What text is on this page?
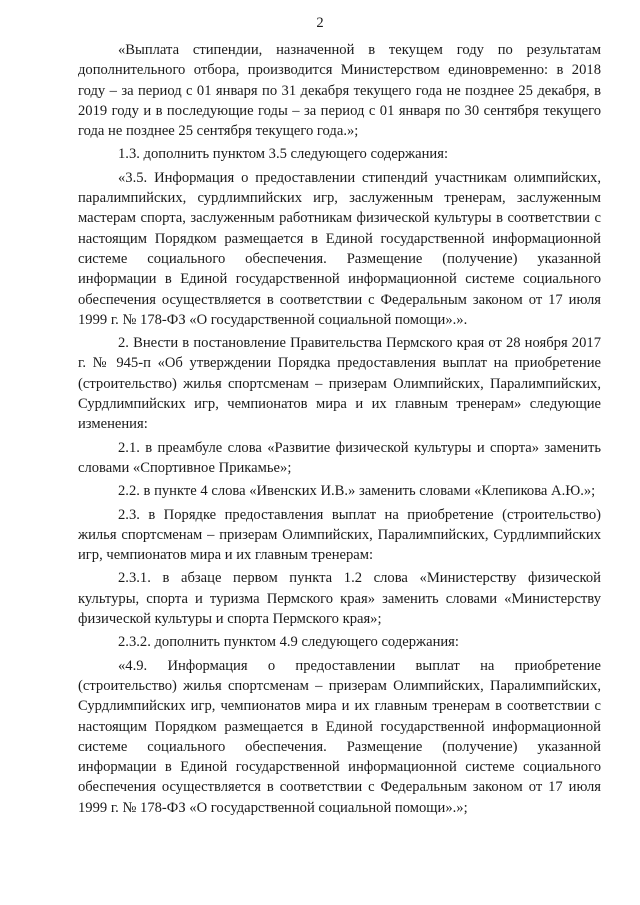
2

«Выплата стипендии, назначенной в текущем году по результатам дополнительного отбора, производится Министерством единовременно: в 2018 году – за период с 01 января по 31 декабря текущего года не позднее 25 декабря, в 2019 году и в последующие годы – за период с 01 января по 30 сентября текущего года не позднее 25 сентября текущего года.»;

1.3. дополнить пунктом 3.5 следующего содержания:

«3.5. Информация о предоставлении стипендий участникам олимпийских, паралимпийских, сурдлимпийских игр, заслуженным тренерам, заслуженным мастерам спорта, заслуженным работникам физической культуры в соответствии с настоящим Порядком размещается в Единой государственной информационной системе социального обеспечения. Размещение (получение) указанной информации в Единой государственной информационной системе социального обеспечения осуществляется в соответствии с Федеральным законом от 17 июля 1999 г. № 178-ФЗ «О государственной социальной помощи».».

2. Внести в постановление Правительства Пермского края от 28 ноября 2017 г. № 945-п «Об утверждении Порядка предоставления выплат на приобретение (строительство) жилья спортсменам – призерам Олимпийских, Паралимпийских, Сурдлимпийских игр, чемпионатов мира и их главным тренерам» следующие изменения:

2.1. в преамбуле слова «Развитие физической культуры и спорта» заменить словами «Спортивное Прикамье»;

2.2. в пункте 4 слова «Ивенских И.В.» заменить словами «Клепикова А.Ю.»;

2.3. в Порядке предоставления выплат на приобретение (строительство) жилья спортсменам – призерам Олимпийских, Паралимпийских, Сурдлимпийских игр, чемпионатов мира и их главным тренерам:

2.3.1. в абзаце первом пункта 1.2 слова «Министерству физической культуры, спорта и туризма Пермского края» заменить словами «Министерству физической культуры и спорта Пермского края»;

2.3.2. дополнить пунктом 4.9 следующего содержания:

«4.9. Информация о предоставлении выплат на приобретение (строительство) жилья спортсменам – призерам Олимпийских, Паралимпийских, Сурдлимпийских игр, чемпионатов мира и их главным тренерам в соответствии с настоящим Порядком размещается в Единой государственной информационной системе социального обеспечения. Размещение (получение) указанной информации в Единой государственной информационной системе социального обеспечения осуществляется в соответствии с Федеральным законом от 17 июля 1999 г. № 178-ФЗ «О государственной социальной помощи».»;
